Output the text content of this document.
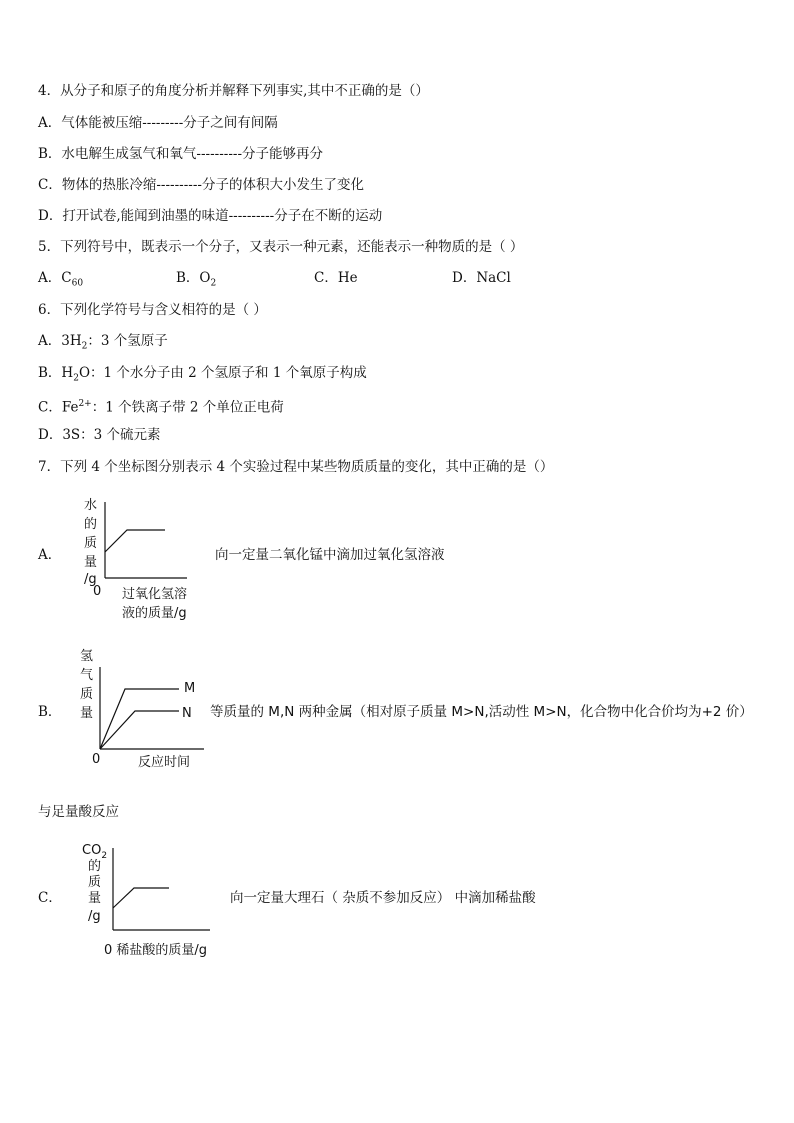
4．从分子和原子的角度分析并解释下列事实,其中不正确的是（）
A．气体能被压缩---------分子之间有间隔
B．水电解生成氢气和氧气----------分子能够再分
C．物体的热胀冷缩----------分子的体积大小发生了变化
D．打开试卷,能闻到油墨的味道----------分子在不断的运动
5．下列符号中，既表示一个分子，又表示一种元素，还能表示一种物质的是（ ）
A．$C_{60}$	B．$O_2$	C．He	D．NaCl
6．下列化学符号与含义相符的是（ ）
A．$3H_2$：3 个氢原子
B．$H_2O$：1 个水分子由 2 个氢原子和 1 个氧原子构成
C．$Fe^{2+}$：1 个铁离子带 2 个单位正电荷
D．3S：3 个硫元素
7．下列 4 个坐标图分别表示 4 个实验过程中某些物质质量的变化，其中正确的是（）
A．
水
的
质
量
/g
0 过氧化氢溶
液的质量/g
向一定量二氧化锰中滴加过氧化氢溶液
B．
氢
气
质
量
M
N
0	反应时间
等质量的 M,N 两种金属（相对原子质量 M>N,活动性 M>N，化合物中化合价均为+2 价）
与足量酸反应
C．
$CO_2$
的
质
量
/g
0 稀盐酸的质量/g
向一定量大理石（ 杂质不参加反应） 中滴加稀盐酸
